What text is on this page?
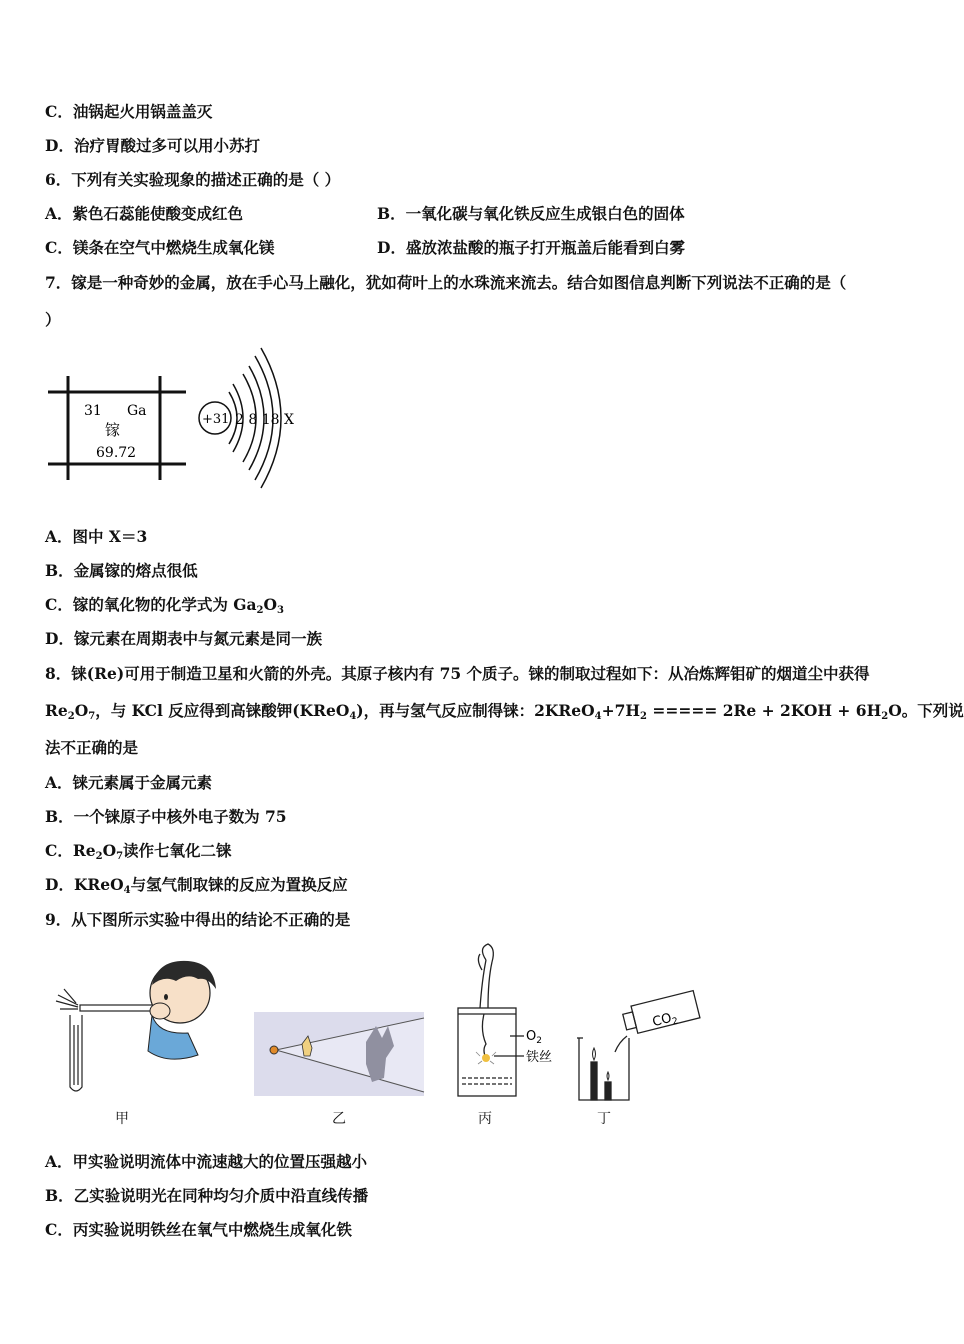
C．油锅起火用锅盖盖灭
D．治疗胃酸过多可以用小苏打
6．下列有关实验现象的描述正确的是（ ）
A．紫色石蕊能使酸变成红色	B．一氧化碳与氧化铁反应生成银白色的固体
C．镁条在空气中燃烧生成氧化镁	D．盛放浓盐酸的瓶子打开瓶盖后能看到白雾
7．镓是一种奇妙的金属，放在手心马上融化，犹如荷叶上的水珠流来流去。结合如图信息判断下列说法不正确的是（
）
31 Ga
镓
69.72
+31 2 8 18 X
A．图中 X＝3
B．金属镓的熔点很低
C．镓的氧化物的化学式为 $Ga_2O_3$
D．镓元素在周期表中与氮元素是同一族
8．铼(Re)可用于制造卫星和火箭的外壳。其原子核内有 75 个质子。铼的制取过程如下：从冶炼辉钼矿的烟道尘中获得
$Re_2O_7$，与 KCl 反应得到高铼酸钾(KReO$_4$)，再与氢气反应制得铼：$2KReO_4+7H_2$ ===== $2Re + 2KOH + 6H_2O$。下列说
法不正确的是
A．铼元素属于金属元素
B．一个铼原子中核外电子数为 75
C．$Re_2O_7$读作七氧化二铼
D．KReO$_4$与氢气制取铼的反应为置换反应
9．从下图所示实验中得出的结论不正确的是
甲	乙
$O_2$
铁丝
丙
$CO_2$
丁
A．甲实验说明流体中流速越大的位置压强越小
B．乙实验说明光在同种均匀介质中沿直线传播
C．丙实验说明铁丝在氧气中燃烧生成氧化铁
